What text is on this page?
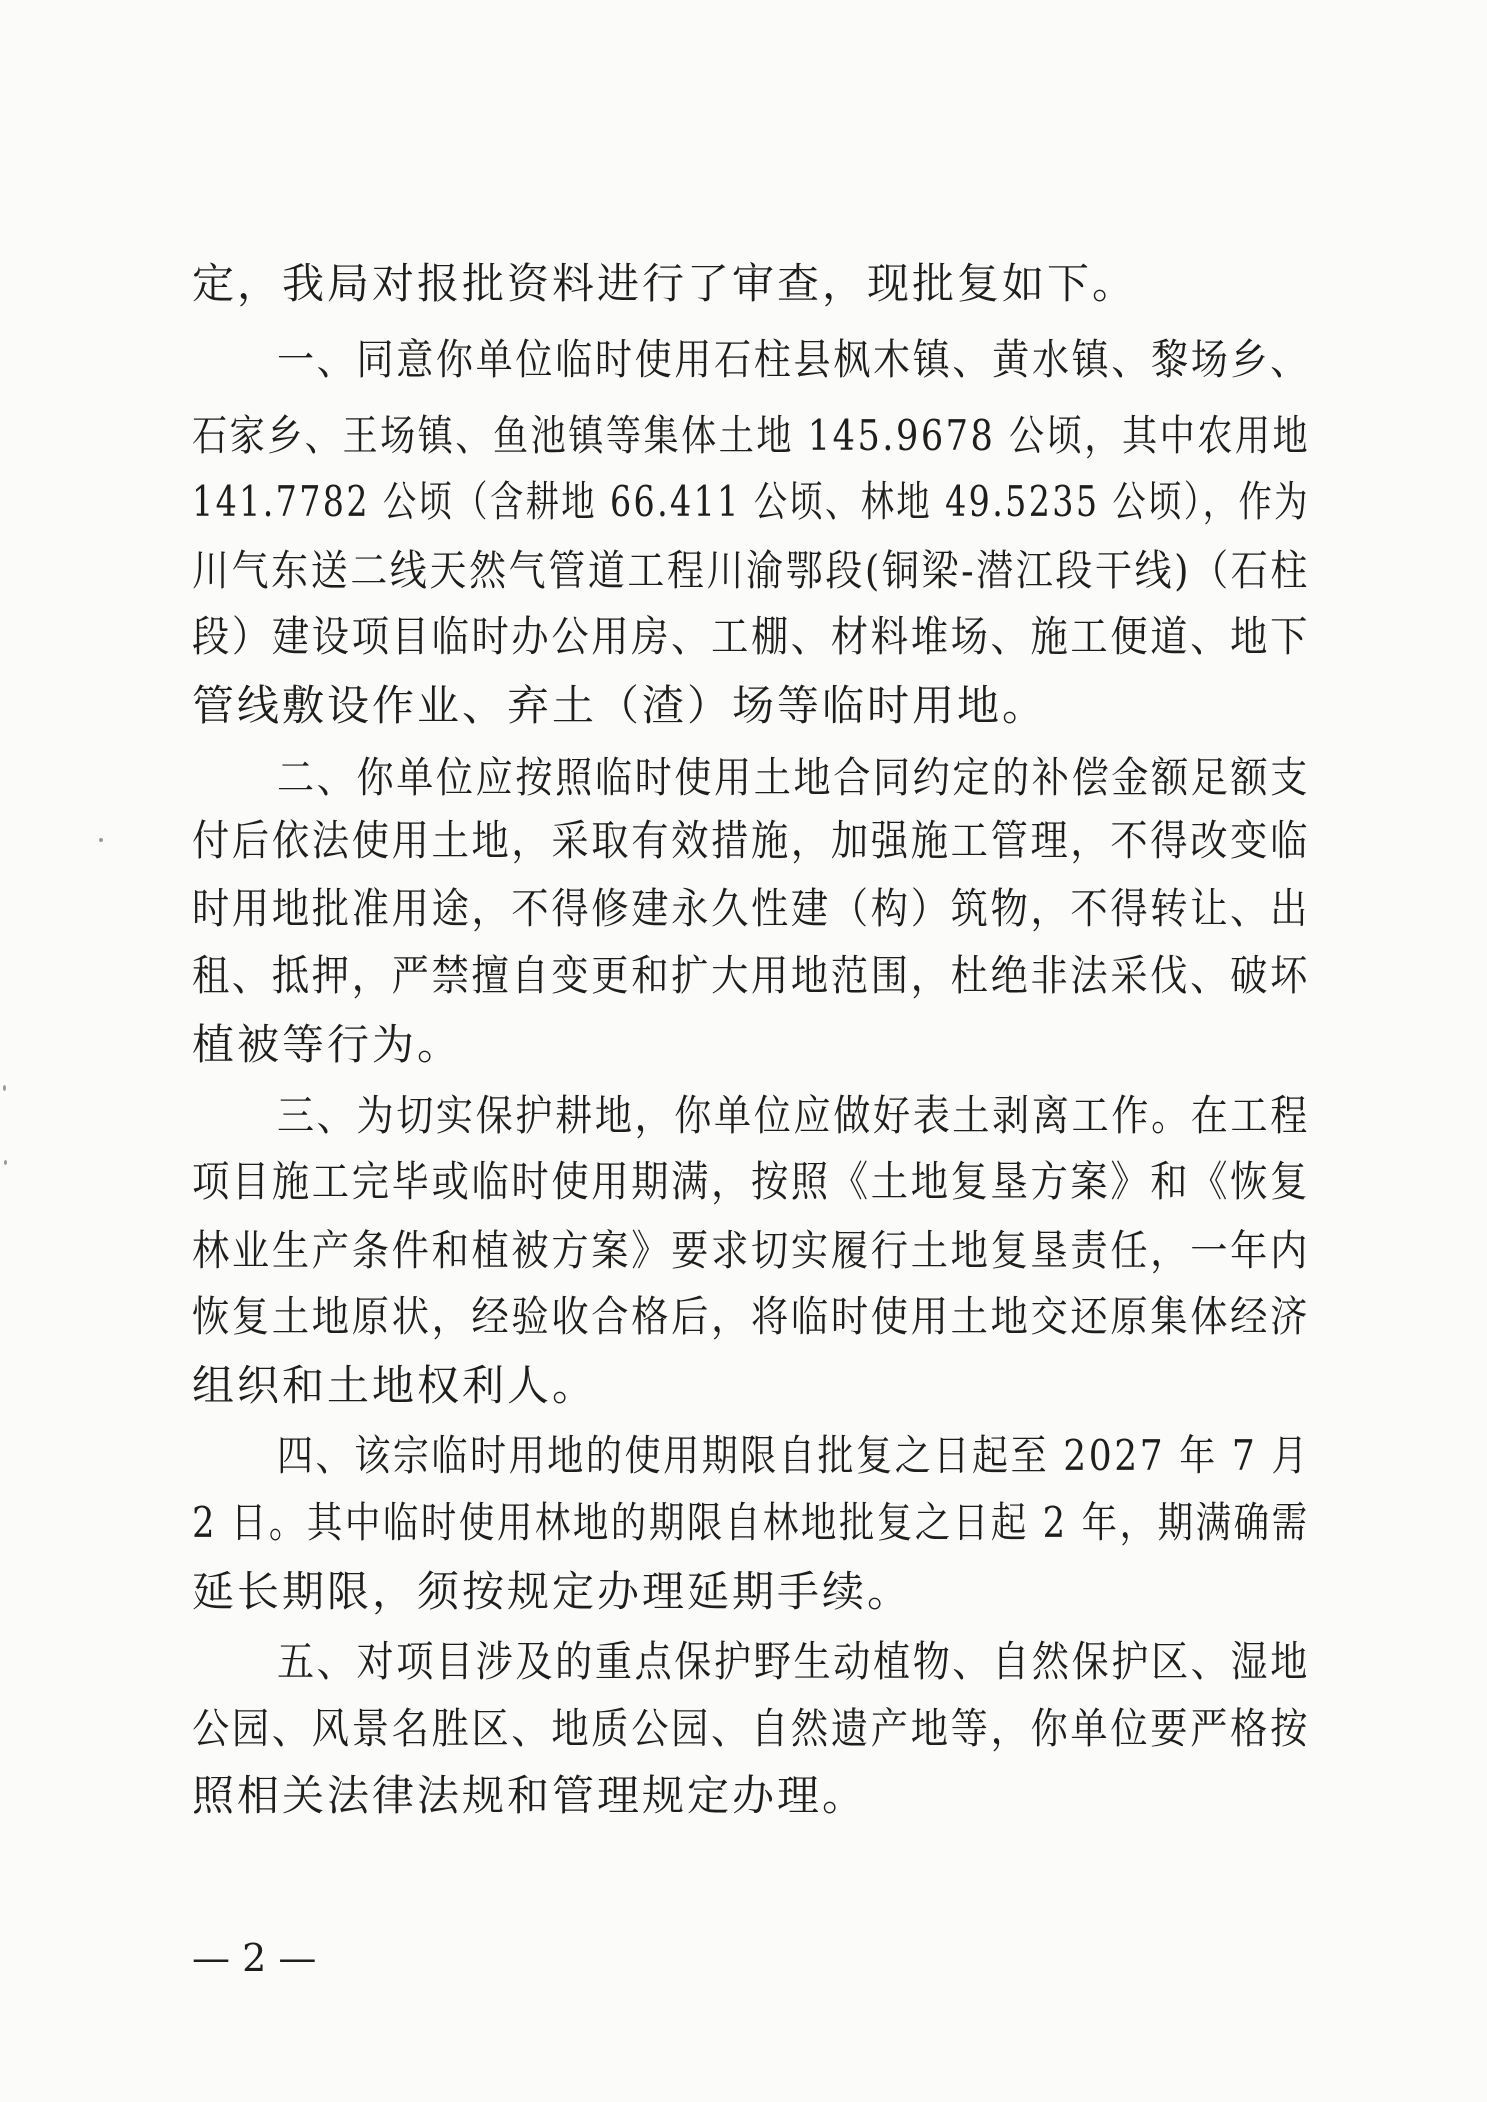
定，我局对报批资料进行了审查，现批复如下。
一、同意你单位临时使用石柱县枫木镇、黄水镇、黎场乡、
石家乡、王场镇、鱼池镇等集体土地 145.9678 公顷，其中农用地
141.7782 公顷（含耕地 66.411 公顷、林地 49.5235 公顷），作为
川气东送二线天然气管道工程川渝鄂段(铜梁-潜江段干线)（石柱
段）建设项目临时办公用房、工棚、材料堆场、施工便道、地下
管线敷设作业、弃土（渣）场等临时用地。
二、你单位应按照临时使用土地合同约定的补偿金额足额支
付后依法使用土地，采取有效措施，加强施工管理，不得改变临
时用地批准用途，不得修建永久性建（构）筑物，不得转让、出
租、抵押，严禁擅自变更和扩大用地范围，杜绝非法采伐、破坏
植被等行为。
三、为切实保护耕地，你单位应做好表土剥离工作。在工程
项目施工完毕或临时使用期满，按照《土地复垦方案》和《恢复
林业生产条件和植被方案》要求切实履行土地复垦责任，一年内
恢复土地原状，经验收合格后，将临时使用土地交还原集体经济
组织和土地权利人。
四、该宗临时用地的使用期限自批复之日起至 2027 年 7 月
2 日。其中临时使用林地的期限自林地批复之日起 2 年，期满确需
延长期限，须按规定办理延期手续。
五、对项目涉及的重点保护野生动植物、自然保护区、湿地
公园、风景名胜区、地质公园、自然遗产地等，你单位要严格按
照相关法律法规和管理规定办理。
— 2 —
